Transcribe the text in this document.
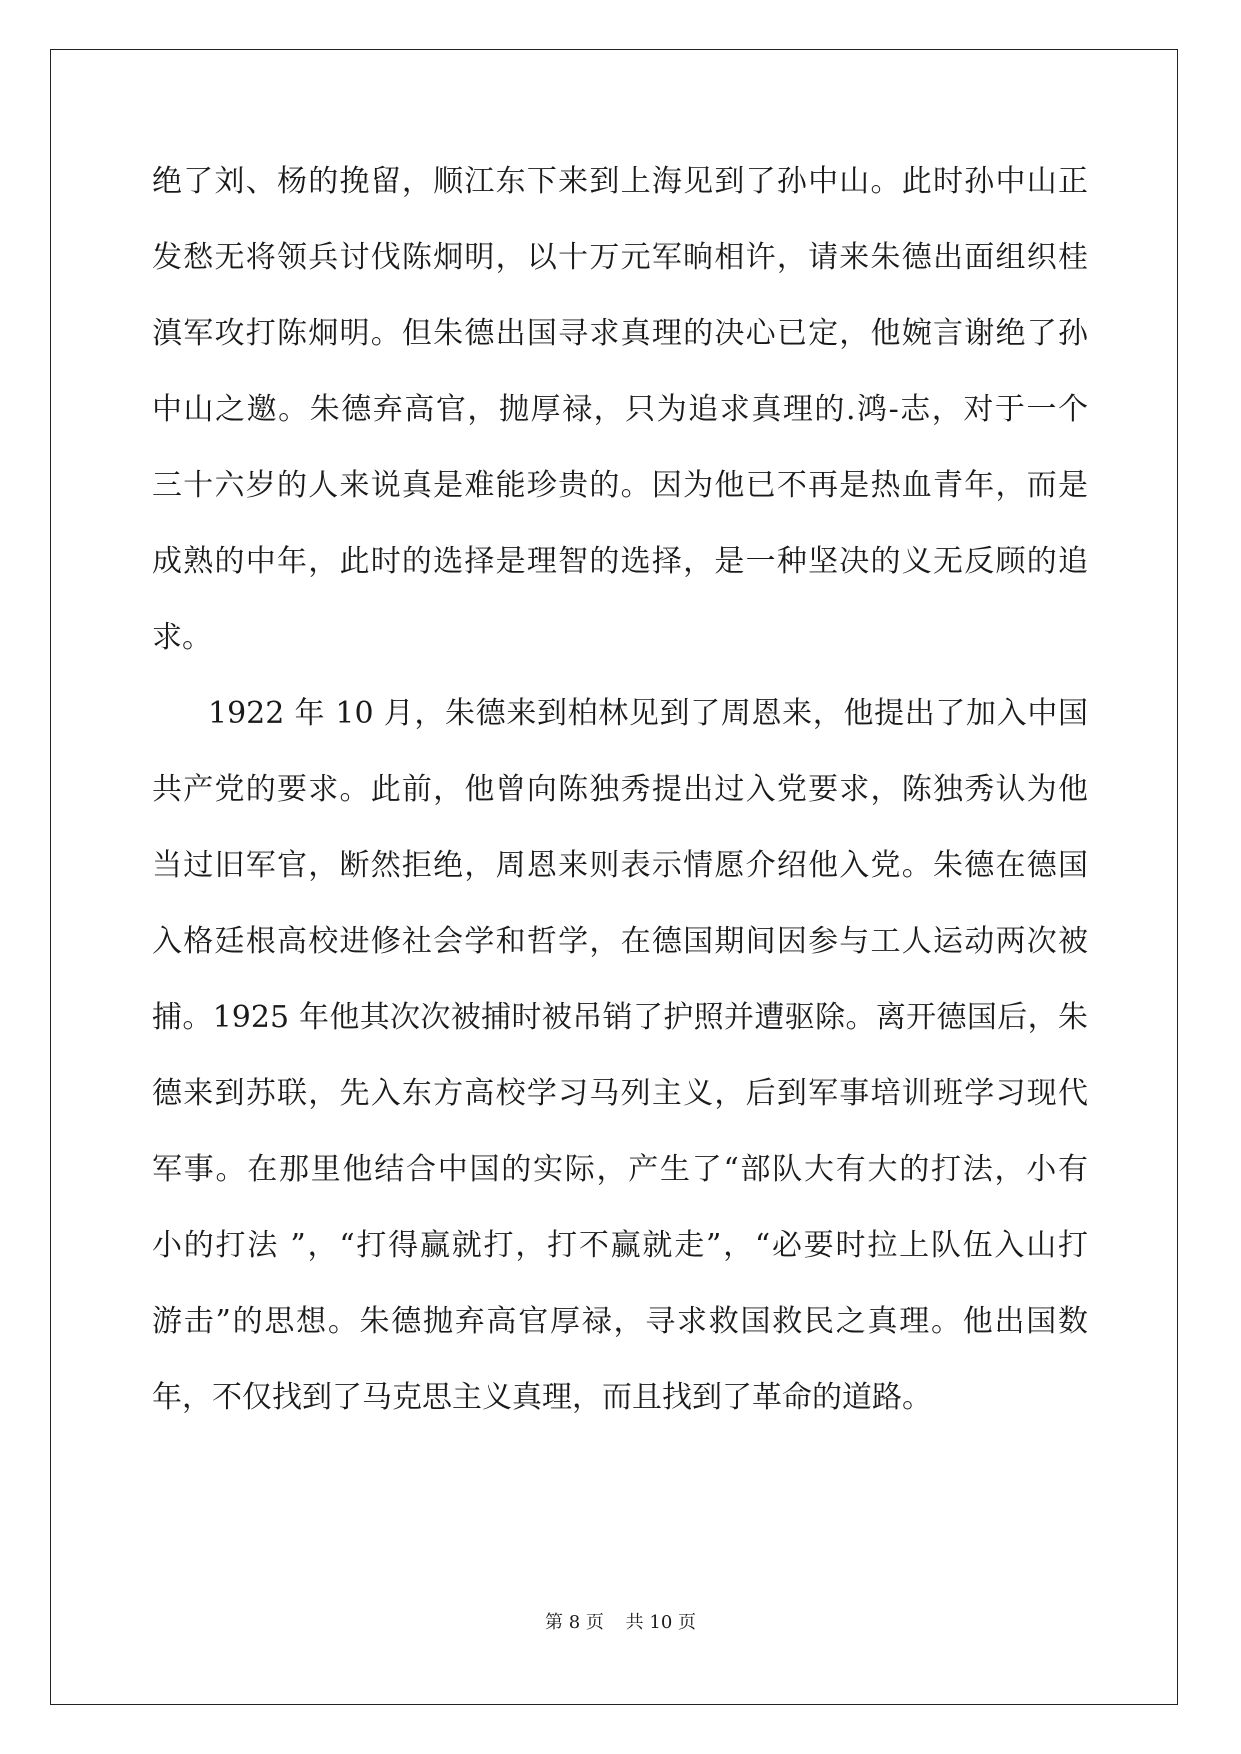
绝了刘、杨的挽留，顺江东下来到上海见到了孙中山。此时孙中山正
发愁无将领兵讨伐陈炯明，以十万元军晌相许，请来朱德出面组织桂
滇军攻打陈炯明。但朱德出国寻求真理的决心已定，他婉言谢绝了孙
中山之邀。朱德弃高官，抛厚禄，只为追求真理的.鸿-志，对于一个
三十六岁的人来说真是难能珍贵的。因为他已不再是热血青年，而是
成熟的中年，此时的选择是理智的选择，是一种坚决的义无反顾的追
求。
1922 年 10 月，朱德来到柏林见到了周恩来，他提出了加入中国
共产党的要求。此前，他曾向陈独秀提出过入党要求，陈独秀认为他
当过旧军官，断然拒绝，周恩来则表示情愿介绍他入党。朱德在德国
入格廷根高校进修社会学和哲学，在德国期间因参与工人运动两次被
捕。1925 年他其次次被捕时被吊销了护照并遭驱除。离开德国后，朱
德来到苏联，先入东方高校学习马列主义，后到军事培训班学习现代
军事。在那里他结合中国的实际，产生了“部队大有大的打法，小有
小的打法 ”，“打得赢就打，打不赢就走”，“必要时拉上队伍入山打
游击”的思想。朱德抛弃高官厚禄，寻求救国救民之真理。他出国数
年，不仅找到了马克思主义真理，而且找到了革命的道路。
第 8 页 共 10 页
